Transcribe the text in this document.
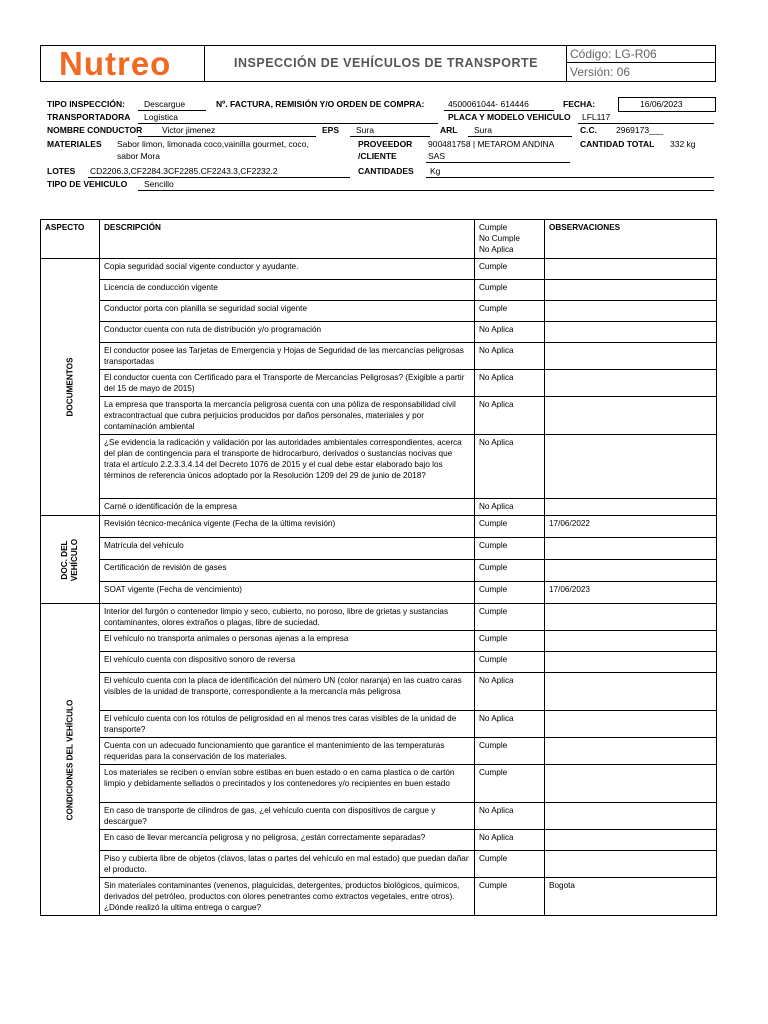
Nutreo	INSPECCIÓN DE VEHÍCULOS DE TRANSPORTE
Código: LG-R06
Versión: 06
TIPO INSPECCIÓN: Descargue	Nº. FACTURA, REMISIÓN Y/O ORDEN DE COMPRA:	4500061044- 614446	FECHA:	16/06/2023
TRANSPORTADORA Logística	PLACA Y MODELO VEHICULO LFL117
NOMBRE CONDUCTOR Victor jimenez	EPS Sura	ARL Sura	C.C. 2969173___
MATERIALES Sabor limon, limonada coco,vainilla gourmet, coco,
sabor Mora
PROVEEDOR
/CLIENTE
900481758 | METAROM ANDINA
SAS
CANTIDAD TOTAL 332 kg
LOTES CD2206.3,CF2284.3CF2285.CF2243.3,CF2232.2	CANTIDADES Kg
TIPO DE VEHICULO Sencillo
ASPECTO	DESCRIPCIÓN	Cumple
No Cumple
No Aplica	OBSERVACIONES

DOCUMENTOS	Copia seguridad social vigente conductor y ayudante.	Cumple	
	Licencia de conducción vigente	Cumple	
	Conductor porta con planilla se seguridad social vigente	Cumple	
	Conductor cuenta con ruta de distribución y/o programación	No Aplica	
	El conductor posee las Tarjetas de Emergencia y Hojas de Seguridad de las mercancías peligrosas transportadas	No Aplica	
	El conductor cuenta con Certificado para el Transporte de Mercancías Peligrosas? (Exigible a partir del 15 de mayo de 2015)	No Aplica	
	La empresa que transporta la mercancía peligrosa cuenta con una póliza de responsabilidad civil extracontractual que cubra perjuicios producidos por daños personales, materiales y por contaminación ambiental	No Aplica	
	¿Se evidencia la radicación y validación por las autoridades ambientales correspondientes, acerca del plan de contingencia para el transporte de hidrocarburo, derivados o sustancias nocivas que trata el artículo 2.2.3.3.4.14 del Decreto 1076 de 2015 y el cual debe estar elaborado bajo los términos de referencia únicos adoptado por la Resolución 1209 del 29 de junio de 2018?	No Aplica	
	Carné o identificación de la empresa	No Aplica	

DOC. DEL VEHÍCULO	Revisión técnico-mecánica vigente (Fecha de la última revisión)	Cumple	17/06/2022
	Matrícula del vehículo	Cumple	
	Certificación de revisión de gases	Cumple	
	SOAT vigente (Fecha de vencimiento)	Cumple	17/06/2023

CONDICIONES DEL VEHÍCULO	Interior del furgón o contenedor limpio y seco, cubierto, no poroso, libre de grietas y sustancias contaminantes, olores extraños o plagas, libre de suciedad.	Cumple	
	El vehículo no transporta animales o personas ajenas a la empresa	Cumple	
	El vehículo cuenta con dispositivo sonoro de reversa	Cumple	
	El vehículo cuenta con la placa de identificación del número UN (color naranja) en las cuatro caras visibles de la unidad de transporte, correspondiente a la mercancía más peligrosa	No Aplica	
	El vehículo cuenta con los rótulos de peligrosidad en al menos tres caras visibles de la unidad de transporte?	No Aplica	
	Cuenta con un adecuado funcionamiento que garantice el mantenimiento de las temperaturas requeridas para la conservación de los materiales.	Cumple	
	Los materiales se reciben o envían sobre estibas en buen estado o en cama plastica o de cartón limpio y debidamente sellados o precintados y los contenedores y/o recipientes en buen estado	Cumple	
	En caso de transporte de cilindros de gas, ¿el vehículo cuenta con dispositivos de cargue y descargue?	No Aplica	
	En caso de llevar mercancía peligrosa y no peligrosa, ¿están correctamente separadas?	No Aplica	
	Piso y cubierta libre de objetos (clavos, latas o partes del vehículo en mal estado) que puedan dañar el producto.	Cumple	
	Sin materiales contaminantes (venenos, plaguicidas, detergentes, productos biológicos, químicos, derivados del petróleo, productos con olores penetrantes como extractos vegetales, entre otros). ¿Dónde realizó la ultima entrega o cargue?	Cumple	Bogota
